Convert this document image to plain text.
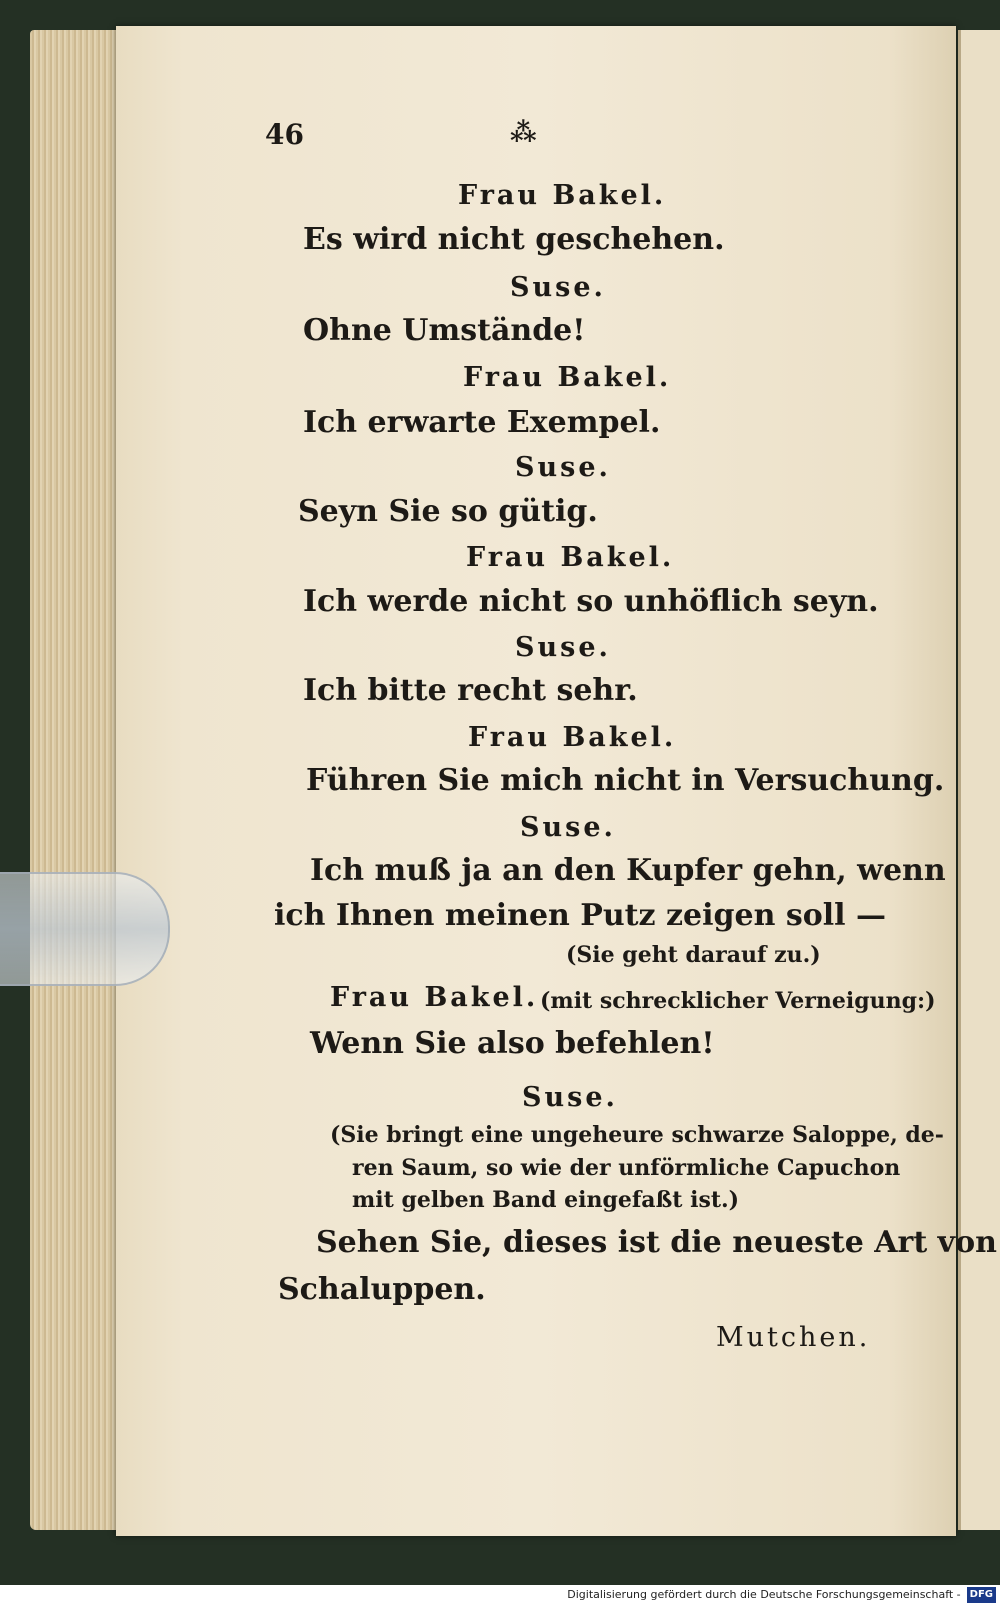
46	⁂
Frau Bakel.
Es wird nicht geschehen.
Suse.
Ohne Umstände!
Frau Bakel.
Ich erwarte Exempel.
Suse.
Seyn Sie so gütig.
Frau Bakel.
Ich werde nicht so unhöflich seyn.
Suse.
Ich bitte recht sehr.
Frau Bakel.
Führen Sie mich nicht in Versuchung.
Suse.
Ich muß ja an den Kupfer gehn, wenn
ich Ihnen meinen Putz zeigen soll —
(Sie geht darauf zu.)
Frau Bakel. (mit schrecklicher Verneigung:)
Wenn Sie also befehlen!
Suse.
(Sie bringt eine ungeheure schwarze Saloppe, de-
ren Saum, so wie der unförmliche Capuchon
mit gelben Band eingefaßt ist.)
Sehen Sie, dieses ist die neueste Art von
Schaluppen.
Mutchen.
Digitalisierung gefördert durch die Deutsche Forschungsgemeinschaft - DFG
